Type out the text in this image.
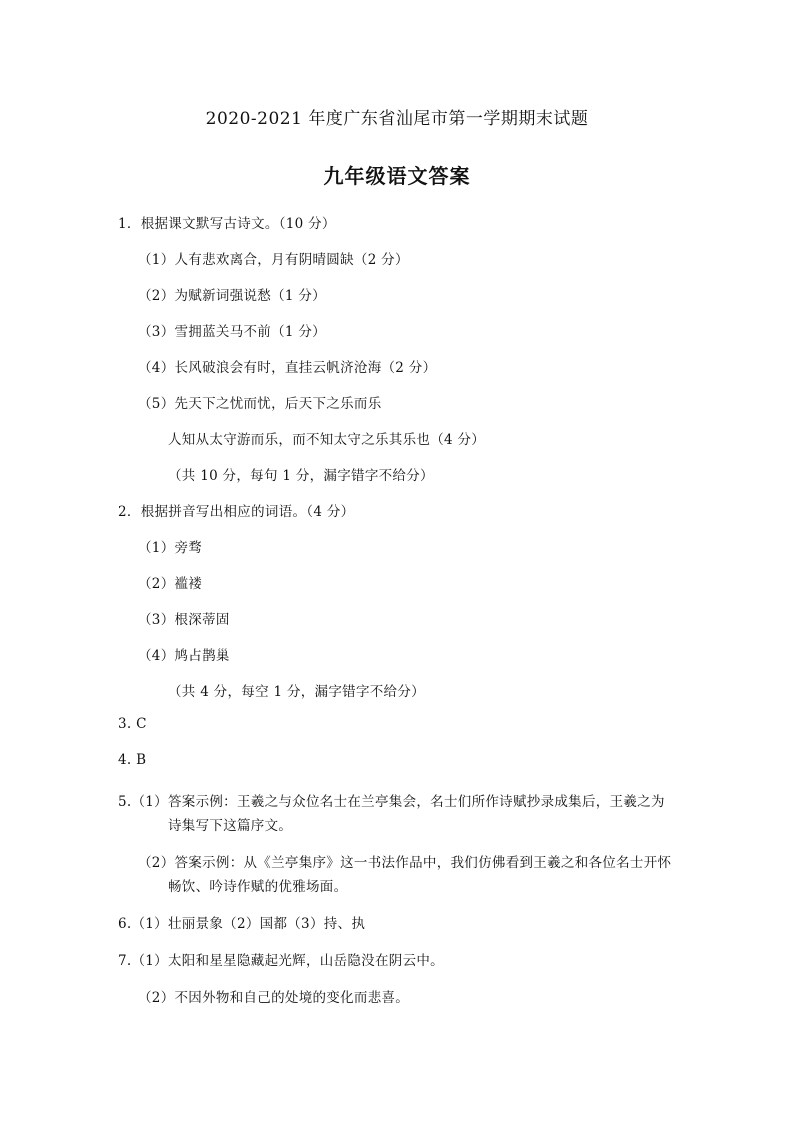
2020-2021 年度广东省汕尾市第一学期期末试题
九年级语文答案
1．根据课文默写古诗文。（10 分）
（1）人有悲欢离合，月有阴晴圆缺（2 分）
（2）为赋新词强说愁（1 分）
（3）雪拥蓝关马不前（1 分）
（4）长风破浪会有时，直挂云帆济沧海（2 分）
（5）先天下之忧而忧，后天下之乐而乐
人知从太守游而乐，而不知太守之乐其乐也（4 分）
（共 10 分，每句 1 分，漏字错字不给分）
2．根据拼音写出相应的词语。（4 分）
（1）旁骛
（2）褴褛
（3）根深蒂固
（4）鸠占鹊巢
（共 4 分，每空 1 分，漏字错字不给分）
3. C
4. B
5.（1）答案示例：王羲之与众位名士在兰亭集会，名士们所作诗赋抄录成集后，王羲之为
诗集写下这篇序文。
（2）答案示例：从《兰亭集序》这一书法作品中，我们仿佛看到王羲之和各位名士开怀
畅饮、吟诗作赋的优雅场面。
6.（1）壮丽景象（2）国都（3）持、执
7.（1）太阳和星星隐藏起光辉，山岳隐没在阴云中。
（2）不因外物和自己的处境的变化而悲喜。
